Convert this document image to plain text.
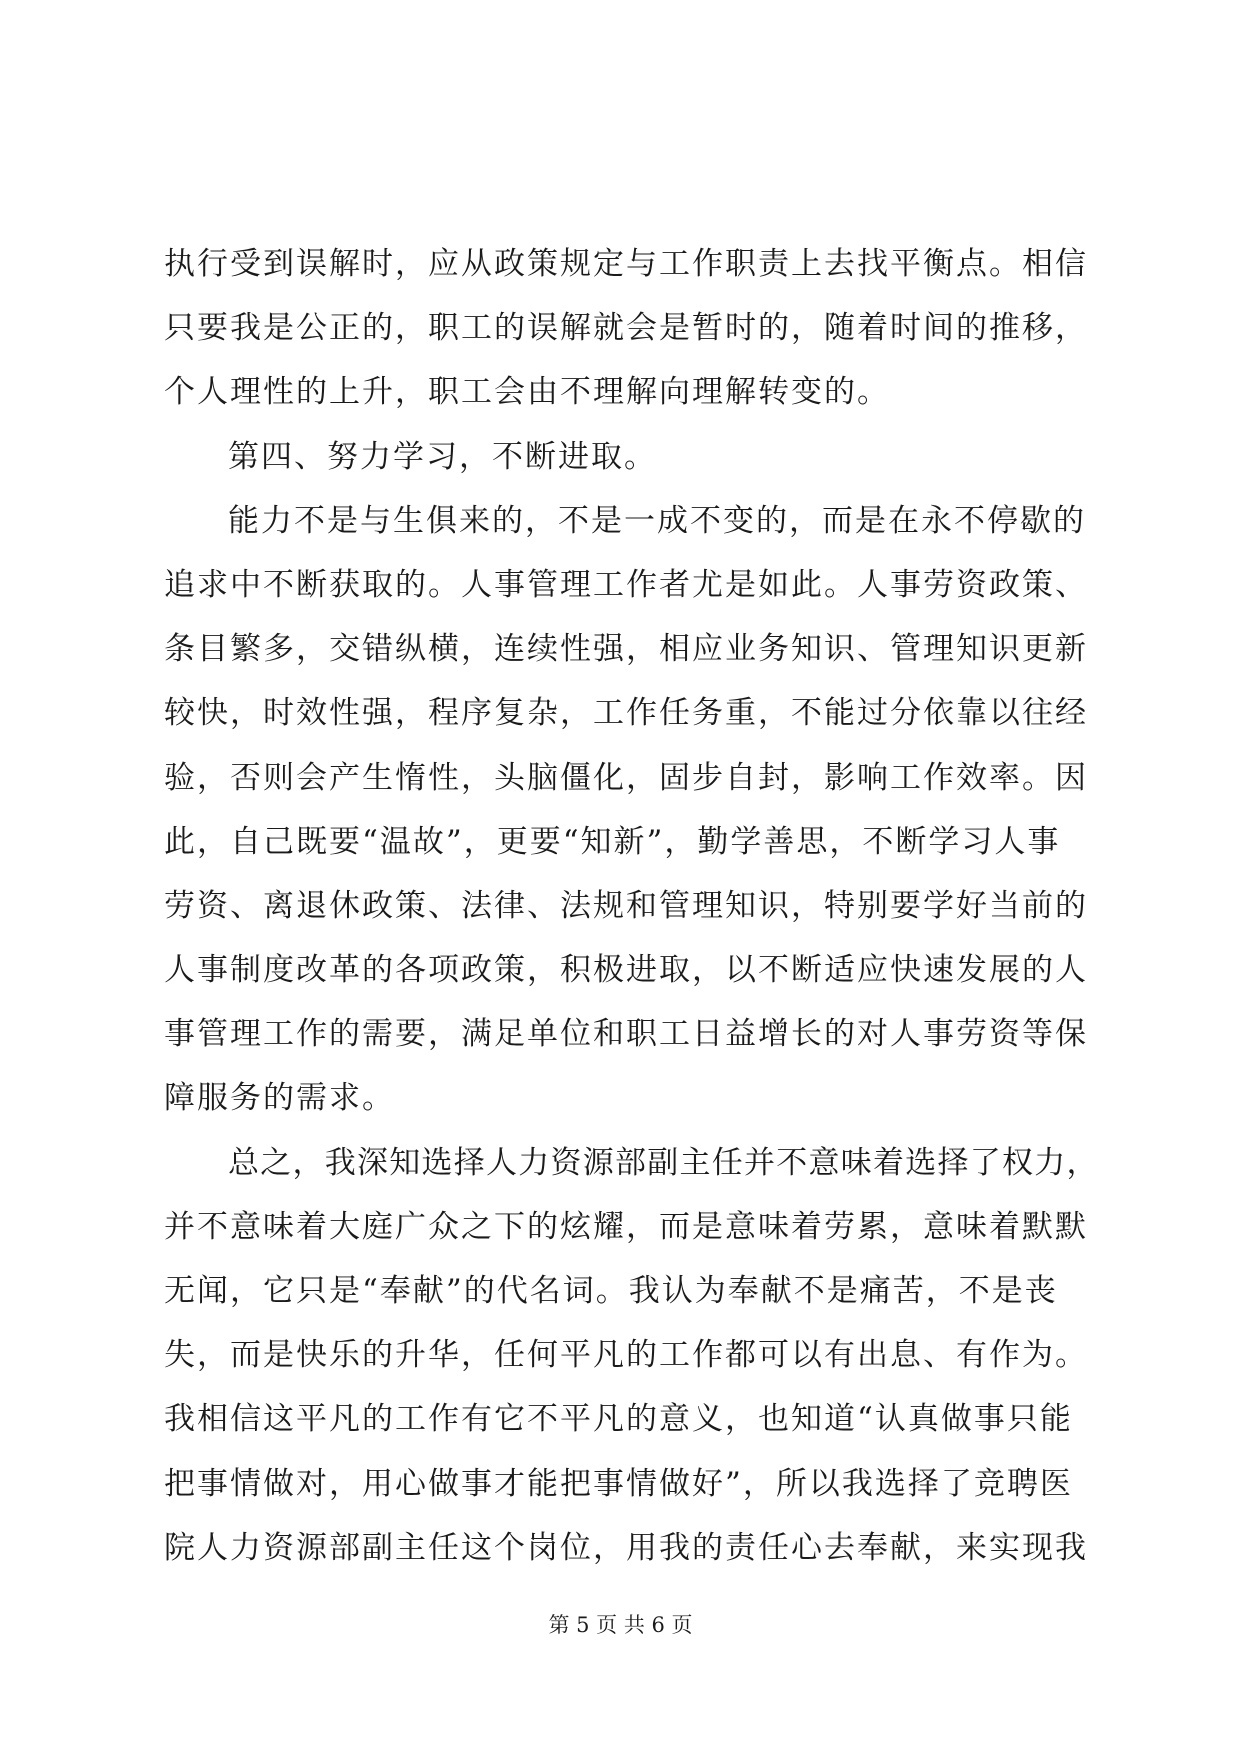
执行受到误解时，应从政策规定与工作职责上去找平衡点。相信
只要我是公正的，职工的误解就会是暂时的，随着时间的推移，
个人理性的上升，职工会由不理解向理解转变的。
第四、努力学习，不断进取。
能力不是与生俱来的，不是一成不变的，而是在永不停歇的
追求中不断获取的。人事管理工作者尤是如此。人事劳资政策、
条目繁多，交错纵横，连续性强，相应业务知识、管理知识更新
较快，时效性强，程序复杂，工作任务重，不能过分依靠以往经
验，否则会产生惰性，头脑僵化，固步自封，影响工作效率。因
此，自己既要“温故”，更要“知新”，勤学善思，不断学习人事
劳资、离退休政策、法律、法规和管理知识，特别要学好当前的
人事制度改革的各项政策，积极进取，以不断适应快速发展的人
事管理工作的需要，满足单位和职工日益增长的对人事劳资等保
障服务的需求。
总之，我深知选择人力资源部副主任并不意味着选择了权力，
并不意味着大庭广众之下的炫耀，而是意味着劳累，意味着默默
无闻，它只是“奉献”的代名词。我认为奉献不是痛苦，不是丧
失，而是快乐的升华，任何平凡的工作都可以有出息、有作为。
我相信这平凡的工作有它不平凡的意义，也知道“认真做事只能
把事情做对，用心做事才能把事情做好”，所以我选择了竞聘医
院人力资源部副主任这个岗位，用我的责任心去奉献，来实现我
第 5 页 共 6 页
